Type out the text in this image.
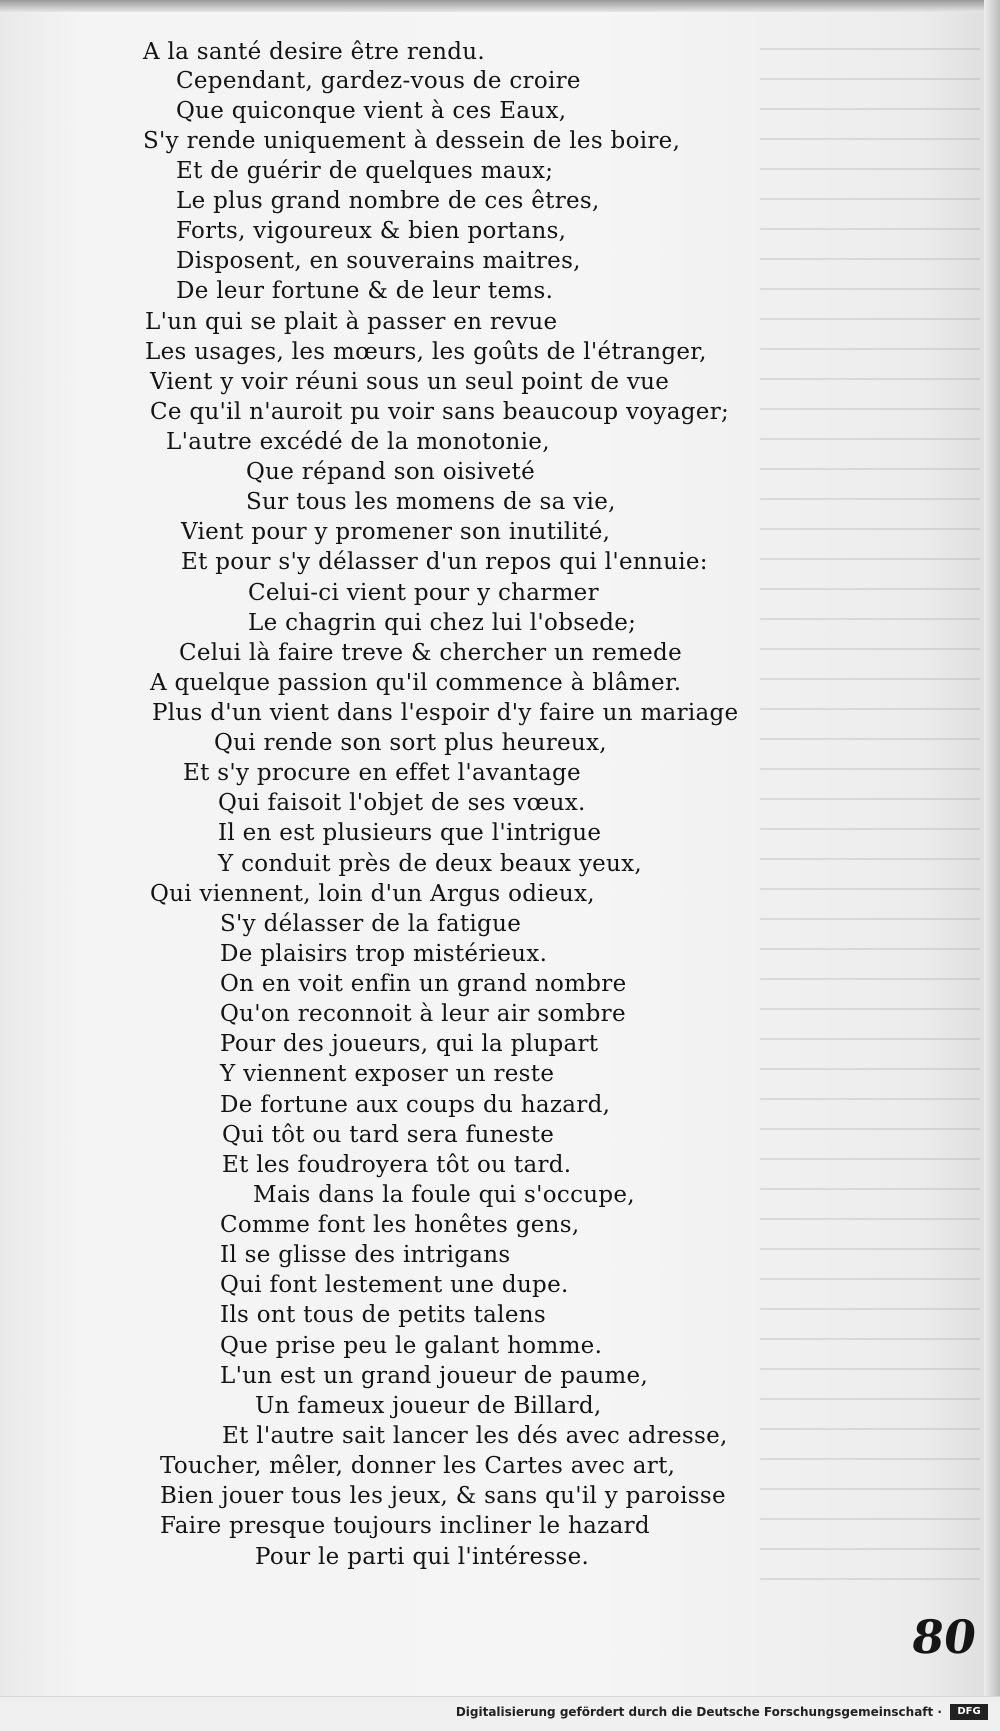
A la santé desire être rendu.
Cependant, gardez-vous de croire
Que quiconque vient à ces Eaux,
S'y rende uniquement à dessein de les boire,
Et de guérir de quelques maux;
Le plus grand nombre de ces êtres,
Forts, vigoureux & bien portans,
Disposent, en souverains maitres,
De leur fortune & de leur tems.
L'un qui se plait à passer en revue
Les usages, les mœurs, les goûts de l'étranger,
Vient y voir réuni sous un seul point de vue
Ce qu'il n'auroit pu voir sans beaucoup voyager;
L'autre excédé de la monotonie,
Que répand son oisiveté
Sur tous les momens de sa vie,
Vient pour y promener son inutilité,
Et pour s'y délasser d'un repos qui l'ennuie:
Celui-ci vient pour y charmer
Le chagrin qui chez lui l'obsede;
Celui là faire treve & chercher un remede
A quelque passion qu'il commence à blâmer.
Plus d'un vient dans l'espoir d'y faire un mariage
Qui rende son sort plus heureux,
Et s'y procure en effet l'avantage
Qui faisoit l'objet de ses vœux.
Il en est plusieurs que l'intrigue
Y conduit près de deux beaux yeux,
Qui viennent, loin d'un Argus odieux,
S'y délasser de la fatigue
De plaisirs trop mistérieux.
On en voit enfin un grand nombre
Qu'on reconnoit à leur air sombre
Pour des joueurs, qui la plupart
Y viennent exposer un reste
De fortune aux coups du hazard,
Qui tôt ou tard sera funeste
Et les foudroyera tôt ou tard.
Mais dans la foule qui s'occupe,
Comme font les honêtes gens,
Il se glisse des intrigans
Qui font lestement une dupe.
Ils ont tous de petits talens
Que prise peu le galant homme.
L'un est un grand joueur de paume,
Un fameux joueur de Billard,
Et l'autre sait lancer les dés avec adresse,
Toucher, mêler, donner les Cartes avec art,
Bien jouer tous les jeux, & sans qu'il y paroisse
Faire presque toujours incliner le hazard
Pour le parti qui l'intéresse.
80
Digitalisierung gefördert durch die Deutsche Forschungsgemeinschaft ·	DFG
